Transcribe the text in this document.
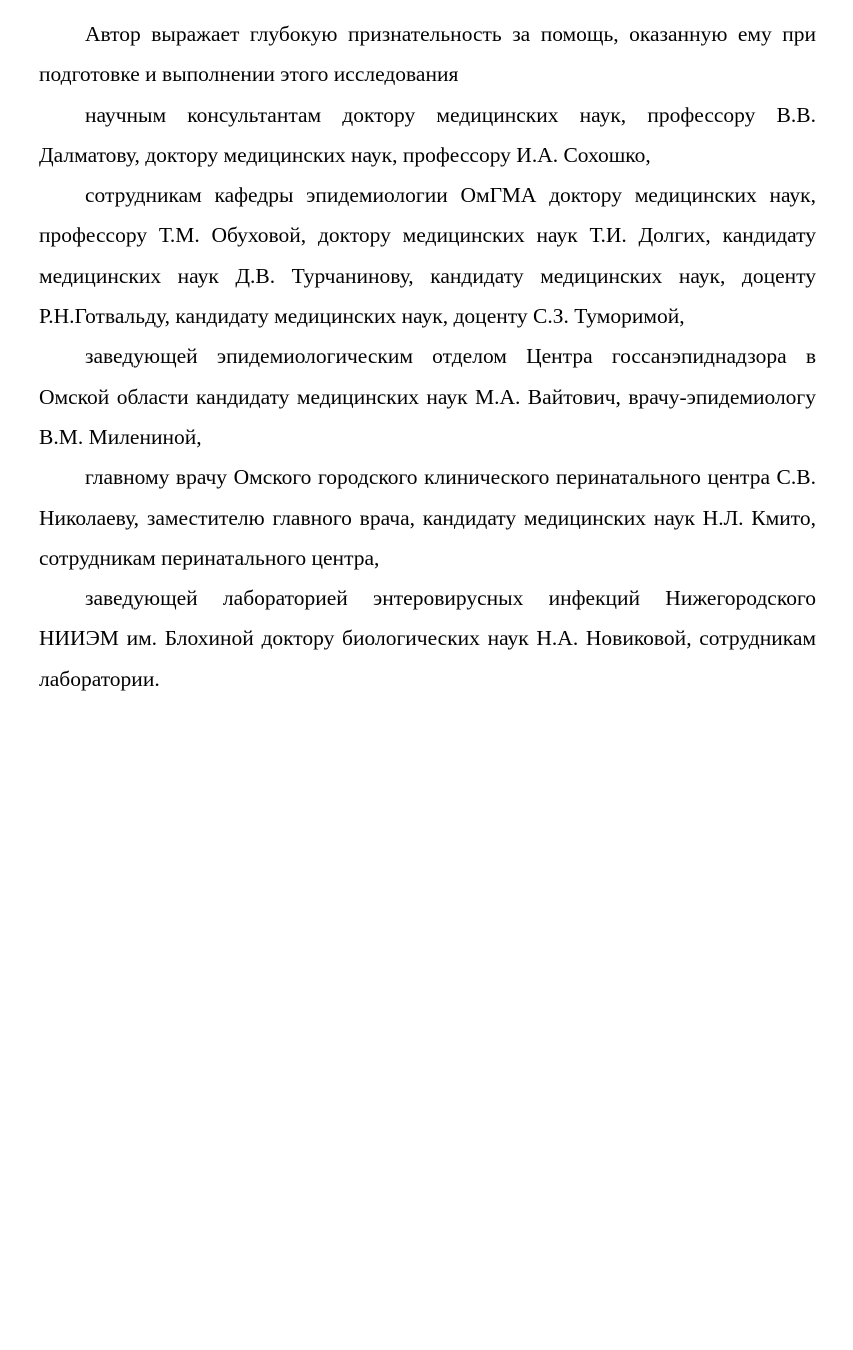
Автор выражает глубокую признательность за помощь, оказанную ему при подготовке и выполнении этого исследования

научным консультантам доктору медицинских наук, профессору В.В. Далматову, доктору медицинских наук, профессору И.А. Сохошко,

сотрудникам кафедры эпидемиологии ОмГМА доктору медицинских наук, профессору Т.М. Обуховой, доктору медицинских наук Т.И. Долгих, кандидату медицинских наук Д.В. Турчанинову, кандидату медицинских наук, доценту Р.Н.Готвальду, кандидату медицинских наук, доценту С.З. Туморимой,

заведующей эпидемиологическим отделом Центра госсанэпиднадзора в Омской области кандидату медицинских наук М.А. Вайтович, врачу-эпидемиологу В.М. Милениной,

главному врачу Омского городского клинического перинатального центра С.В. Николаеву, заместителю главного врача, кандидату медицинских наук Н.Л. Кмито, сотрудникам перинатального центра,

заведующей лабораторией энтеровирусных инфекций Нижегородского НИИЭМ им. Блохиной доктору биологических наук Н.А. Новиковой, сотрудникам лаборатории.
